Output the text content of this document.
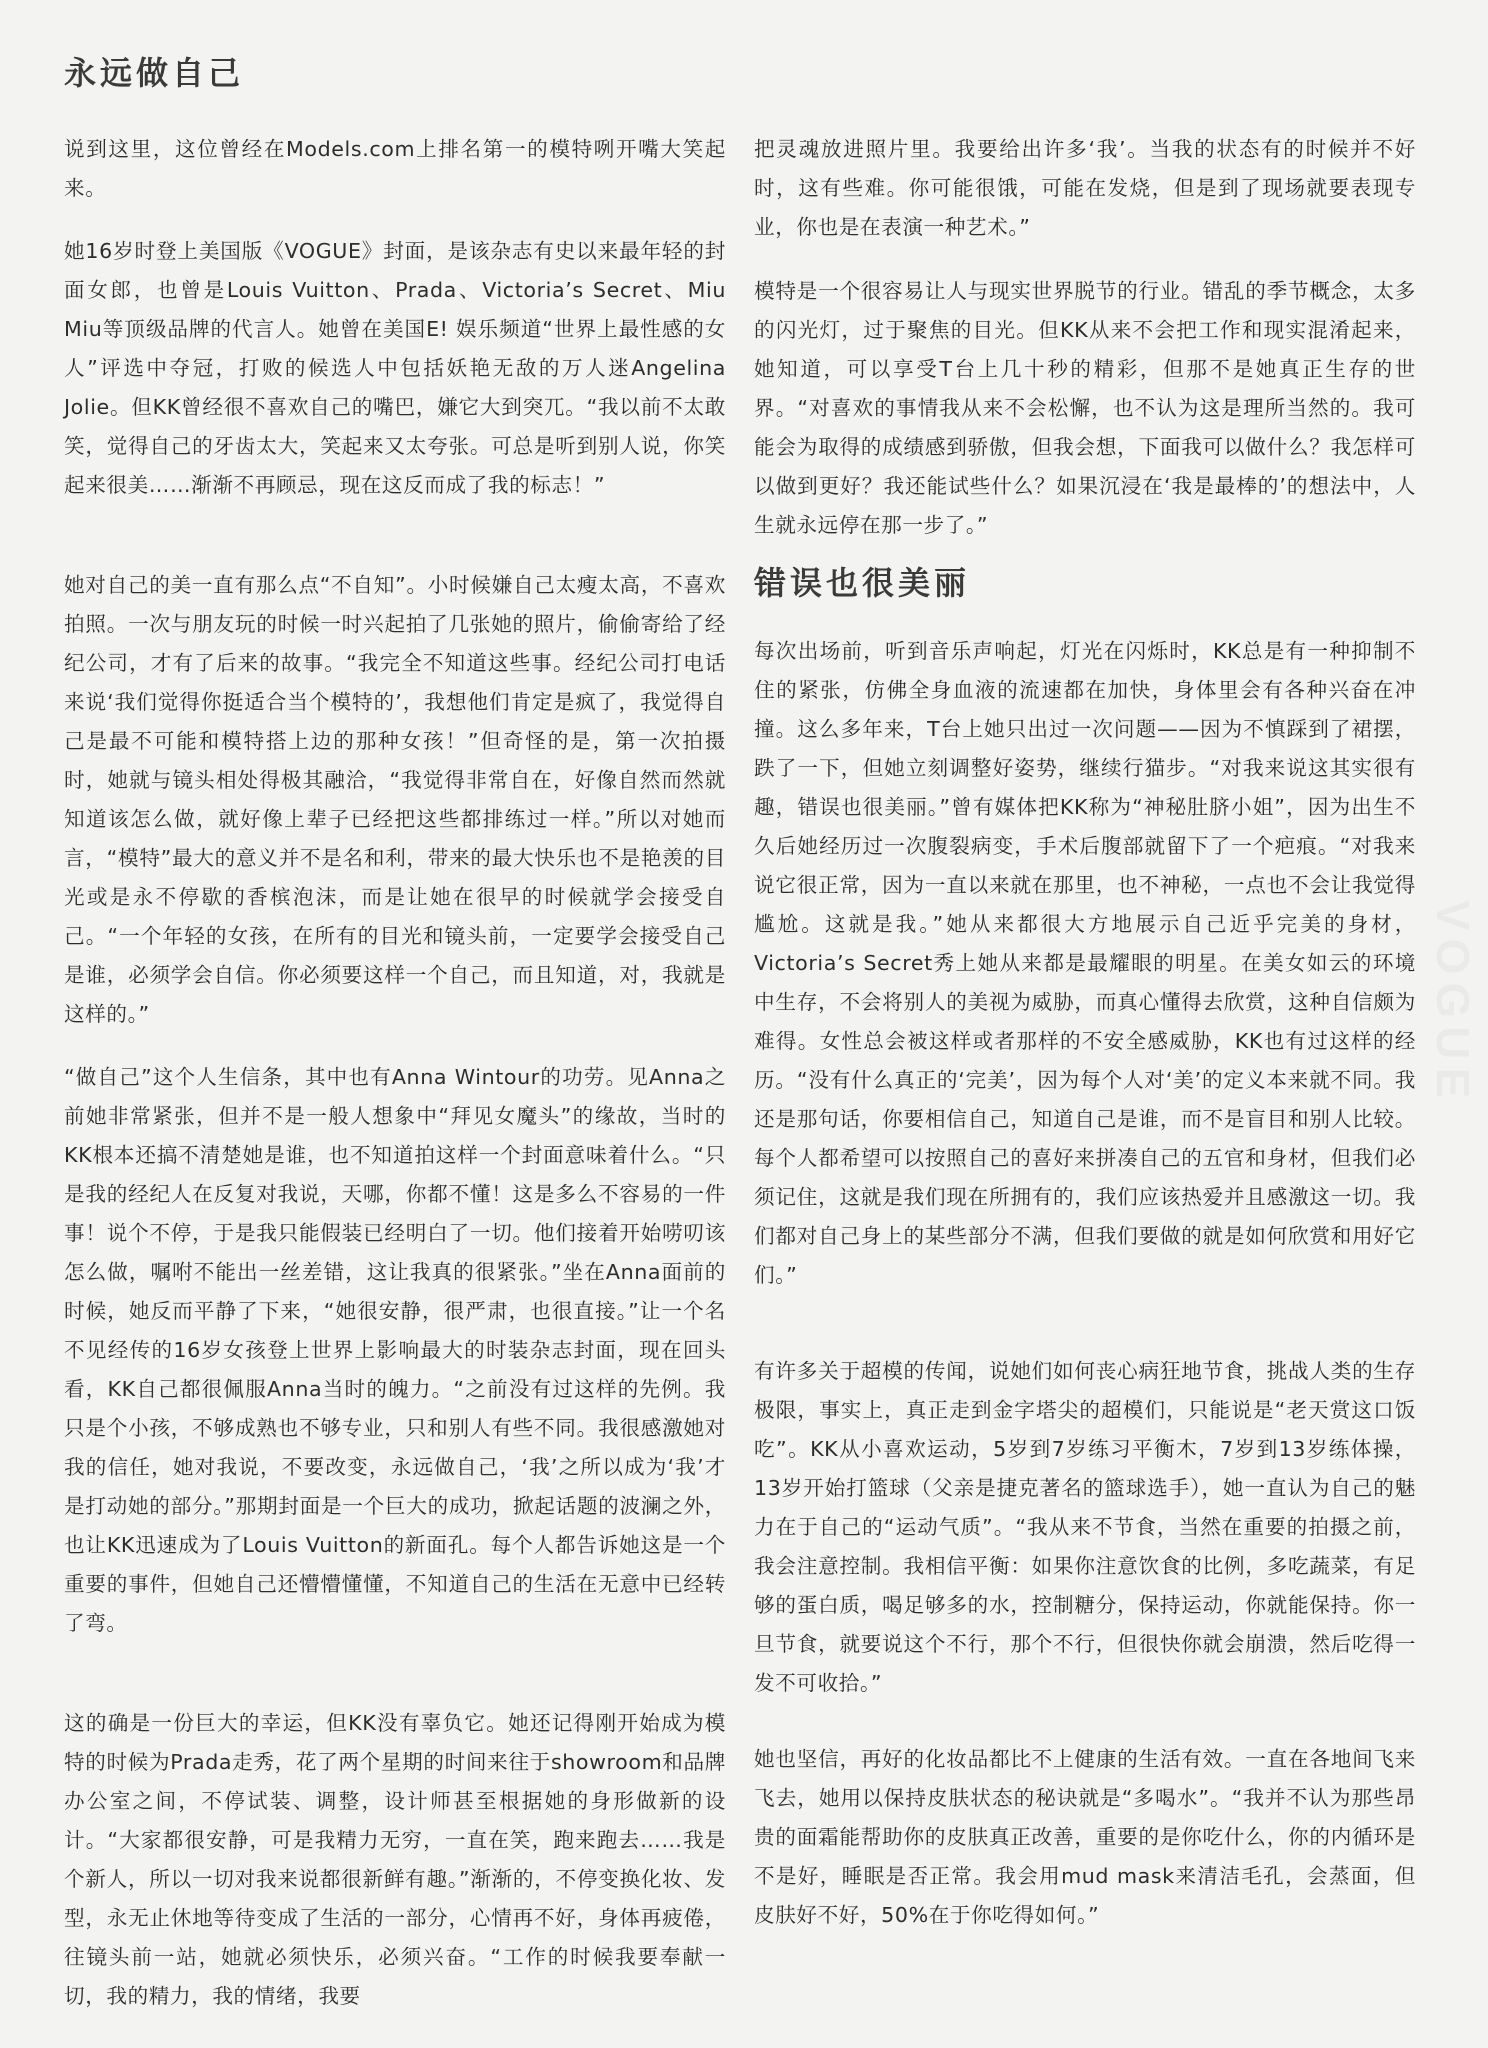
永远做自己

说到这里，这位曾经在Models.com上排名第一的模特咧开嘴大笑起来。

她16岁时登上美国版《VOGUE》封面，是该杂志有史以来最年轻的封面女郎，也曾是Louis Vuitton、Prada、Victoria’s Secret、Miu Miu等顶级品牌的代言人。她曾在美国E! 娱乐频道“世界上最性感的女人”评选中夺冠，打败的候选人中包括妖艳无敌的万人迷Angelina Jolie。但KK曾经很不喜欢自己的嘴巴，嫌它大到突兀。“我以前不太敢笑，觉得自己的牙齿太大，笑起来又太夸张。可总是听到别人说，你笑起来很美……渐渐不再顾忌，现在这反而成了我的标志！”

她对自己的美一直有那么点“不自知”。小时候嫌自己太瘦太高，不喜欢拍照。一次与朋友玩的时候一时兴起拍了几张她的照片，偷偷寄给了经纪公司，才有了后来的故事。“我完全不知道这些事。经纪公司打电话来说‘我们觉得你挺适合当个模特的’，我想他们肯定是疯了，我觉得自己是最不可能和模特搭上边的那种女孩！”但奇怪的是，第一次拍摄时，她就与镜头相处得极其融洽，“我觉得非常自在，好像自然而然就知道该怎么做，就好像上辈子已经把这些都排练过一样。”所以对她而言，“模特”最大的意义并不是名和利，带来的最大快乐也不是艳羡的目光或是永不停歇的香槟泡沫，而是让她在很早的时候就学会接受自己。“一个年轻的女孩，在所有的目光和镜头前，一定要学会接受自己是谁，必须学会自信。你必须要这样一个自己，而且知道，对，我就是这样的。”

“做自己”这个人生信条，其中也有Anna Wintour的功劳。见Anna之前她非常紧张，但并不是一般人想象中“拜见女魔头”的缘故，当时的KK根本还搞不清楚她是谁，也不知道拍这样一个封面意味着什么。“只是我的经纪人在反复对我说，天哪，你都不懂！这是多么不容易的一件事！说个不停，于是我只能假装已经明白了一切。他们接着开始唠叨该怎么做，嘱咐不能出一丝差错，这让我真的很紧张。”坐在Anna面前的时候，她反而平静了下来，“她很安静，很严肃，也很直接。”让一个名不见经传的16岁女孩登上世界上影响最大的时装杂志封面，现在回头看，KK自己都很佩服Anna当时的魄力。“之前没有过这样的先例。我只是个小孩，不够成熟也不够专业，只和别人有些不同。我很感激她对我的信任，她对我说，不要改变，永远做自己，‘我’之所以成为‘我’才是打动她的部分。”那期封面是一个巨大的成功，掀起话题的波澜之外，也让KK迅速成为了Louis Vuitton的新面孔。每个人都告诉她这是一个重要的事件，但她自己还懵懵懂懂，不知道自己的生活在无意中已经转了弯。

这的确是一份巨大的幸运，但KK没有辜负它。她还记得刚开始成为模特的时候为Prada走秀，花了两个星期的时间来往于showroom和品牌办公室之间，不停试装、调整，设计师甚至根据她的身形做新的设计。“大家都很安静，可是我精力无穷，一直在笑，跑来跑去……我是个新人，所以一切对我来说都很新鲜有趣。”渐渐的，不停变换化妆、发型，永无止休地等待变成了生活的一部分，心情再不好，身体再疲倦，往镜头前一站，她就必须快乐，必须兴奋。“工作的时候我要奉献一切，我的精力，我的情绪，我要

把灵魂放进照片里。我要给出许多‘我’。当我的状态有的时候并不好时，这有些难。你可能很饿，可能在发烧，但是到了现场就要表现专业，你也是在表演一种艺术。”

模特是一个很容易让人与现实世界脱节的行业。错乱的季节概念，太多的闪光灯，过于聚焦的目光。但KK从来不会把工作和现实混淆起来，她知道，可以享受T台上几十秒的精彩，但那不是她真正生存的世界。“对喜欢的事情我从来不会松懈，也不认为这是理所当然的。我可能会为取得的成绩感到骄傲，但我会想，下面我可以做什么？我怎样可以做到更好？我还能试些什么？如果沉浸在‘我是最棒的’的想法中，人生就永远停在那一步了。”

每次出场前，听到音乐声响起，灯光在闪烁时，KK总是有一种抑制不住的紧张，仿佛全身血液的流速都在加快，身体里会有各种兴奋在冲撞。这么多年来，T台上她只出过一次问题——因为不慎踩到了裙摆，跌了一下，但她立刻调整好姿势，继续行猫步。“对我来说这其实很有趣，错误也很美丽。”曾有媒体把KK称为“神秘肚脐小姐”，因为出生不久后她经历过一次腹裂病变，手术后腹部就留下了一个疤痕。“对我来说它很正常，因为一直以来就在那里，也不神秘，一点也不会让我觉得尴尬。这就是我。”她从来都很大方地展示自己近乎完美的身材，Victoria’s Secret秀上她从来都是最耀眼的明星。在美女如云的环境中生存，不会将别人的美视为威胁，而真心懂得去欣赏，这种自信颇为难得。女性总会被这样或者那样的不安全感威胁，KK也有过这样的经历。“没有什么真正的‘完美’，因为每个人对‘美’的定义本来就不同。我还是那句话，你要相信自己，知道自己是谁，而不是盲目和别人比较。每个人都希望可以按照自己的喜好来拼凑自己的五官和身材，但我们必须记住，这就是我们现在所拥有的，我们应该热爱并且感激这一切。我们都对自己身上的某些部分不满，但我们要做的就是如何欣赏和用好它们。”

有许多关于超模的传闻，说她们如何丧心病狂地节食，挑战人类的生存极限，事实上，真正走到金字塔尖的超模们，只能说是“老天赏这口饭吃”。KK从小喜欢运动，5岁到7岁练习平衡木，7岁到13岁练体操，13岁开始打篮球（父亲是捷克著名的篮球选手），她一直认为自己的魅力在于自己的“运动气质”。“我从来不节食，当然在重要的拍摄之前，我会注意控制。我相信平衡：如果你注意饮食的比例，多吃蔬菜，有足够的蛋白质，喝足够多的水，控制糖分，保持运动，你就能保持。你一旦节食，就要说这个不行，那个不行，但很快你就会崩溃，然后吃得一发不可收拾。”

她也坚信，再好的化妆品都比不上健康的生活有效。一直在各地间飞来飞去，她用以保持皮肤状态的秘诀就是“多喝水”。“我并不认为那些昂贵的面霜能帮助你的皮肤真正改善，重要的是你吃什么，你的内循环是不是好，睡眠是否正常。我会用mud mask来清洁毛孔，会蒸面，但皮肤好不好，50%在于你吃得如何。”

错误也很美丽
